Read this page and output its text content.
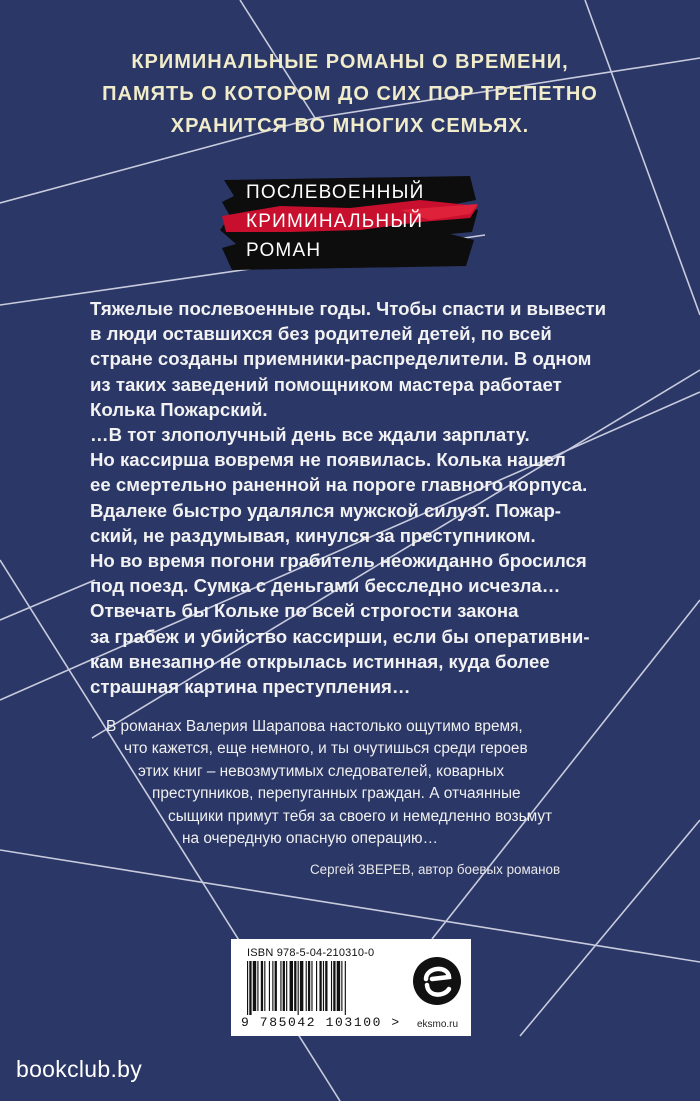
КРИМИНАЛЬНЫЕ РОМАНЫ О ВРЕМЕНИ,
ПАМЯТЬ О КОТОРОМ ДО СИХ ПОР ТРЕПЕТНО
ХРАНИТСЯ ВО МНОГИХ СЕМЬЯХ.
ПОСЛЕВОЕННЫЙ
КРИМИНАЛЬНЫЙ
РОМАН
Тяжелые послевоенные годы. Чтобы спасти и вывести
в люди оставшихся без родителей детей, по всей
стране созданы приемники-распределители. В одном
из таких заведений помощником мастера работает
Колька Пожарский.
…В тот злополучный день все ждали зарплату.
Но кассирша вовремя не появилась. Колька нашел
ее смертельно раненной на пороге главного корпуса.
Вдалеке быстро удалялся мужской силуэт. Пожар-
ский, не раздумывая, кинулся за преступником.
Но во время погони грабитель неожиданно бросился
под поезд. Сумка с деньгами бесследно исчезла…
Отвечать бы Кольке по всей строгости закона
за грабеж и убийство кассирши, если бы оперативни-
кам внезапно не открылась истинная, куда более
страшная картина преступления…
В романах Валерия Шарапова настолько ощутимо время,
что кажется, еще немного, и ты очутишься среди героев
этих книг – невозмутимых следователей, коварных
преступников, перепуганных граждан. А отчаянные
сыщики примут тебя за своего и немедленно возьмут
на очередную опасную операцию…
Сергей ЗВЕРЕВ, автор боевых романов
ISBN 978-5-04-210310-0
9 785042 103100 >	eksmo.ru
bookclub.by
